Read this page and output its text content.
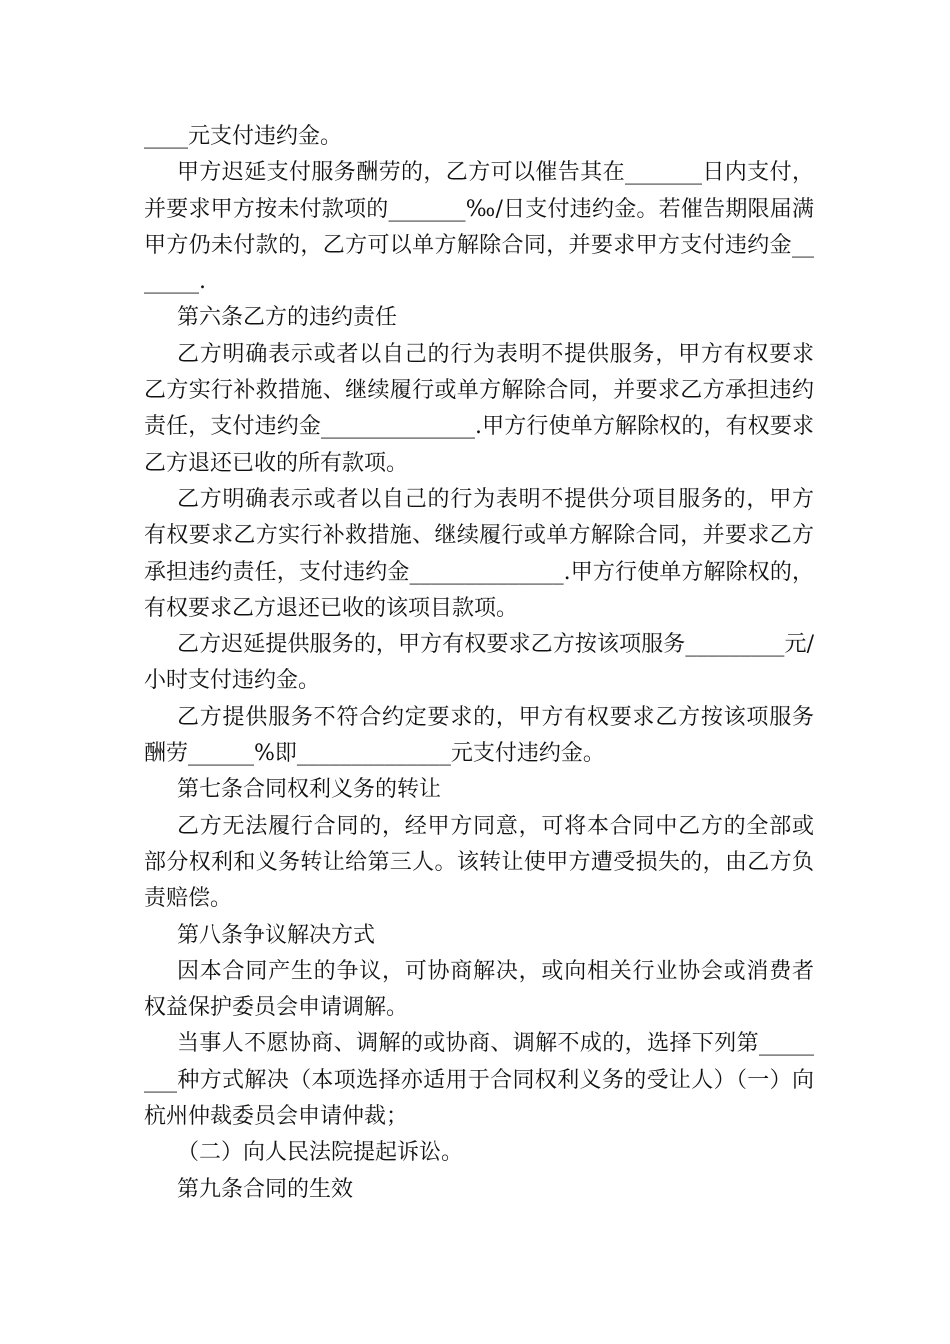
____元支付违约金。

甲方迟延支付服务酬劳的，乙方可以催告其在_______日内支付，并要求甲方按未付款项的_______‰/日支付违约金。若催告期限届满甲方仍未付款的，乙方可以单方解除合同，并要求甲方支付违约金_______.

第六条乙方的违约责任

乙方明确表示或者以自己的行为表明不提供服务，甲方有权要求乙方实行补救措施、继续履行或单方解除合同，并要求乙方承担违约责任，支付违约金______________.甲方行使单方解除权的，有权要求乙方退还已收的所有款项。

乙方明确表示或者以自己的行为表明不提供分项目服务的，甲方有权要求乙方实行补救措施、继续履行或单方解除合同，并要求乙方承担违约责任，支付违约金______________.甲方行使单方解除权的，有权要求乙方退还已收的该项目款项。

乙方迟延提供服务的，甲方有权要求乙方按该项服务_________元/小时支付违约金。

乙方提供服务不符合约定要求的，甲方有权要求乙方按该项服务酬劳______%即______________元支付违约金。

第七条合同权利义务的转让

乙方无法履行合同的，经甲方同意，可将本合同中乙方的全部或部分权利和义务转让给第三人。该转让使甲方遭受损失的，由乙方负责赔偿。

第八条争议解决方式

因本合同产生的争议，可协商解决，或向相关行业协会或消费者权益保护委员会申请调解。

当事人不愿协商、调解的或协商、调解不成的，选择下列第________种方式解决（本项选择亦适用于合同权利义务的受让人）（一）向杭州仲裁委员会申请仲裁；

（二）向人民法院提起诉讼。

第九条合同的生效
